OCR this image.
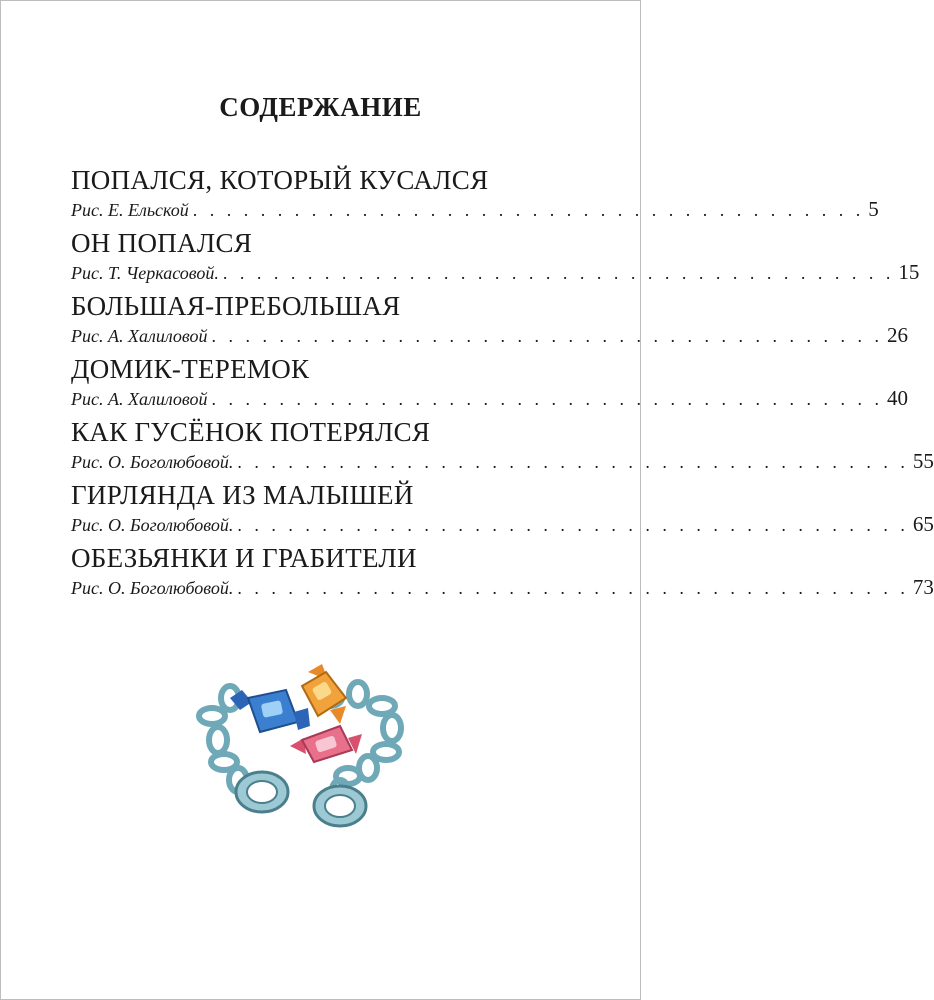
СОДЕРЖАНИЕ
ПОПАЛСЯ, КОТОРЫЙ КУСАЛСЯ
Рис. Е. Ельской . . . . . . . . . . . . . . . . . . . . . . . . . . . . . . . . . . . . . . . . 5
ОН ПОПАЛСЯ
Рис. Т. Черкасовой. . . . . . . . . . . . . . . . . . . . . . . . . . . . . . . . . . . . . . . . . 15
БОЛЬШАЯ-ПРЕБОЛЬШАЯ
Рис. А. Халиловой . . . . . . . . . . . . . . . . . . . . . . . . . . . . . . . . . . . . . . . . 26
ДОМИК-ТЕРЕМОК
Рис. А. Халиловой . . . . . . . . . . . . . . . . . . . . . . . . . . . . . . . . . . . . . . . . 40
КАК ГУСЁНОК ПОТЕРЯЛСЯ
Рис. О. Боголюбовой. . . . . . . . . . . . . . . . . . . . . . . . . . . . . . . . . . . . . . . . . 55
ГИРЛЯНДА ИЗ МАЛЫШЕЙ
Рис. О. Боголюбовой. . . . . . . . . . . . . . . . . . . . . . . . . . . . . . . . . . . . . . . . . 65
ОБЕЗЬЯНКИ И ГРАБИТЕЛИ
Рис. О. Боголюбовой. . . . . . . . . . . . . . . . . . . . . . . . . . . . . . . . . . . . . . . . . 73
